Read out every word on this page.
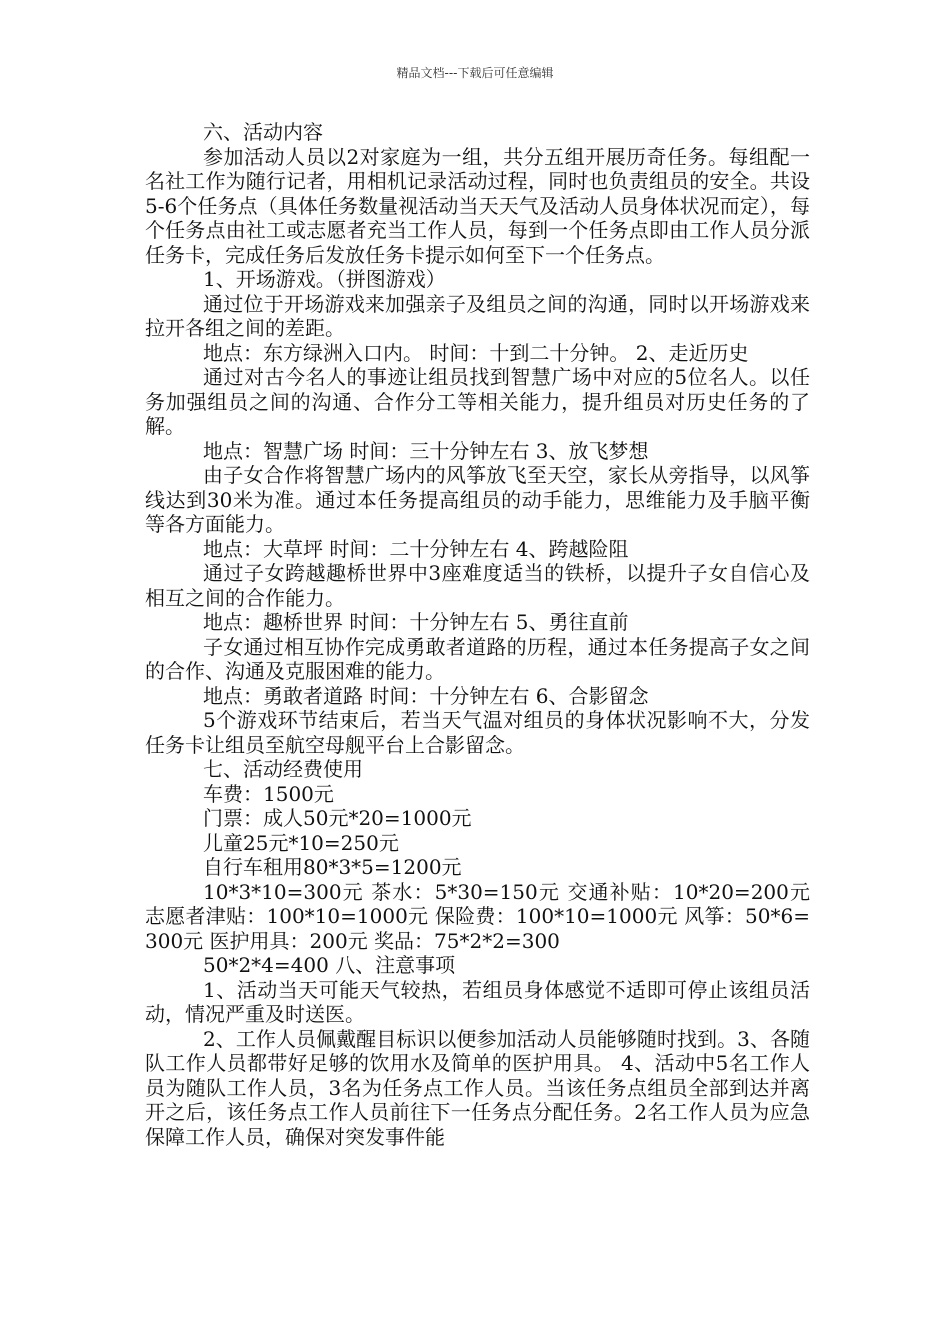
精品文档---下载后可任意编辑

六、活动内容

参加活动人员以2对家庭为一组，共分五组开展历奇任务。每组配一名社工作为随行记者，用相机记录活动过程，同时也负责组员的安全。共设5-6个任务点（具体任务数量视活动当天天气及活动人员身体状况而定），每个任务点由社工或志愿者充当工作人员，每到一个任务点即由工作人员分派任务卡，完成任务后发放任务卡提示如何至下一个任务点。

1、开场游戏。（拼图游戏）

通过位于开场游戏来加强亲子及组员之间的沟通，同时以开场游戏来拉开各组之间的差距。

地点：东方绿洲入口内。 时间：十到二十分钟。 2、走近历史

通过对古今名人的事迹让组员找到智慧广场中对应的5位名人。以任务加强组员之间的沟通、合作分工等相关能力，提升组员对历史任务的了解。

地点：智慧广场 时间：三十分钟左右 3、放飞梦想

由子女合作将智慧广场内的风筝放飞至天空，家长从旁指导，以风筝线达到30米为准。通过本任务提高组员的动手能力，思维能力及手脑平衡等各方面能力。

地点：大草坪 时间：二十分钟左右 4、跨越险阻

通过子女跨越趣桥世界中3座难度适当的铁桥，以提升子女自信心及相互之间的合作能力。

地点：趣桥世界 时间：十分钟左右 5、勇往直前

子女通过相互协作完成勇敢者道路的历程，通过本任务提高子女之间的合作、沟通及克服困难的能力。

地点：勇敢者道路 时间：十分钟左右 6、合影留念

5个游戏环节结束后，若当天气温对组员的身体状况影响不大，分发任务卡让组员至航空母舰平台上合影留念。

七、活动经费使用

车费：1500元

门票：成人50元*20=1000元

儿童25元*10=250元

自行车租用80*3*5=1200元

10*3*10=300元 茶水：5*30=150元 交通补贴：10*20=200元 志愿者津贴：100*10=1000元 保险费：100*10=1000元 风筝：50*6=300元 医护用具：200元 奖品：75*2*2=300

50*2*4=400 八、注意事项

1、活动当天可能天气较热，若组员身体感觉不适即可停止该组员活动，情况严重及时送医。

2、工作人员佩戴醒目标识以便参加活动人员能够随时找到。3、各随队工作人员都带好足够的饮用水及简单的医护用具。 4、活动中5名工作人员为随队工作人员，3名为任务点工作人员。当该任务点组员全部到达并离开之后，该任务点工作人员前往下一任务点分配任务。2名工作人员为应急保障工作人员，确保对突发事件能
